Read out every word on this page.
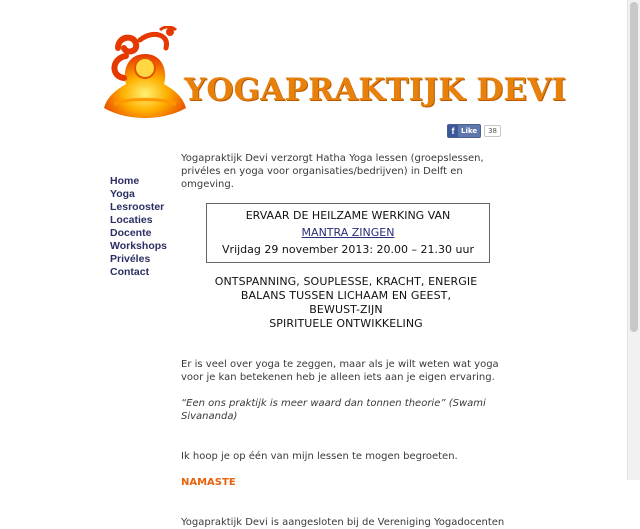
YOGAPRAKTIJK DEVI
f Like	38
Home
Yoga
Lesrooster
Locaties
Docente
Workshops
Privéles
Contact

Yogapraktijk Devi verzorgt Hatha Yoga lessen (groepslessen, privéles en yoga voor organisaties/bedrijven) in Delft en omgeving.

ERVAAR DE HEILZAME WERKING VAN
MANTRA ZINGEN
Vrijdag 29 november 2013: 20.00 – 21.30 uur
ONTSPANNING, SOUPLESSE, KRACHT, ENERGIE
BALANS TUSSEN LICHAAM EN GEEST,
BEWUST-ZIJN
SPIRITUELE ONTWIKKELING

Er is veel over yoga te zeggen, maar als je wilt weten wat yoga voor je kan betekenen heb je alleen iets aan je eigen ervaring.

“Een ons praktijk is meer waard dan tonnen theorie” (Swami Sivananda)

Ik hoop je op één van mijn lessen te mogen begroeten.

NAMASTE

Yogapraktijk Devi is aangesloten bij de Vereniging Yogadocenten
